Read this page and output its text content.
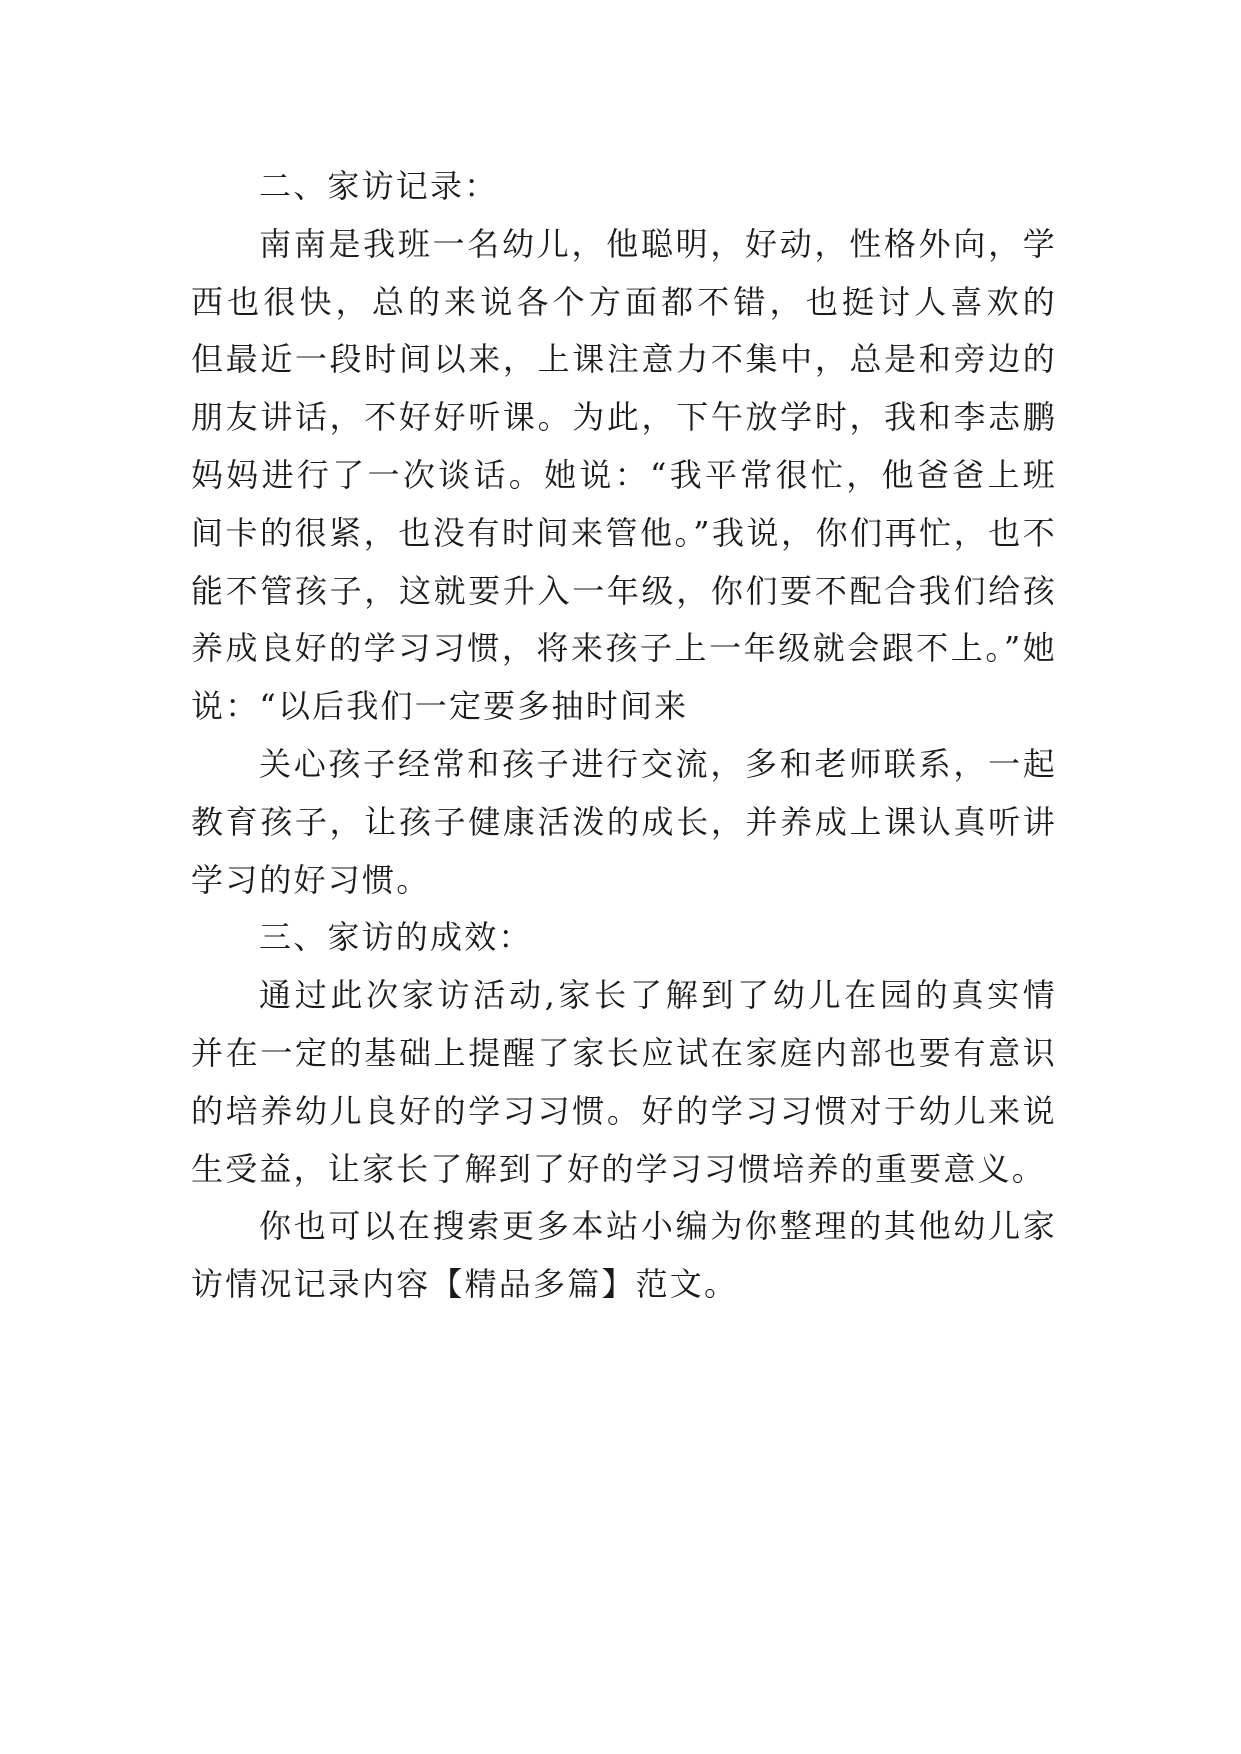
二、家访记录：
南南是我班一名幼儿，他聪明，好动，性格外向，学
西也很快，总的来说各个方面都不错，也挺讨人喜欢的
但最近一段时间以来，上课注意力不集中，总是和旁边的
朋友讲话，不好好听课。为此，下午放学时，我和李志鹏
妈妈进行了一次谈话。她说：“我平常很忙，他爸爸上班
间卡的很紧，也没有时间来管他。”我说，你们再忙，也不
能不管孩子，这就要升入一年级，你们要不配合我们给孩
养成良好的学习习惯，将来孩子上一年级就会跟不上。”她
说：“以后我们一定要多抽时间来
关心孩子经常和孩子进行交流，多和老师联系，一起
教育孩子，让孩子健康活泼的成长，并养成上课认真听讲
学习的好习惯。
三、家访的成效：
通过此次家访活动,家长了解到了幼儿在园的真实情
并在一定的基础上提醒了家长应试在家庭内部也要有意识
的培养幼儿良好的学习习惯。好的学习习惯对于幼儿来说
生受益，让家长了解到了好的学习习惯培养的重要意义。
你也可以在搜索更多本站小编为你整理的其他幼儿家
访情况记录内容【精品多篇】范文。
